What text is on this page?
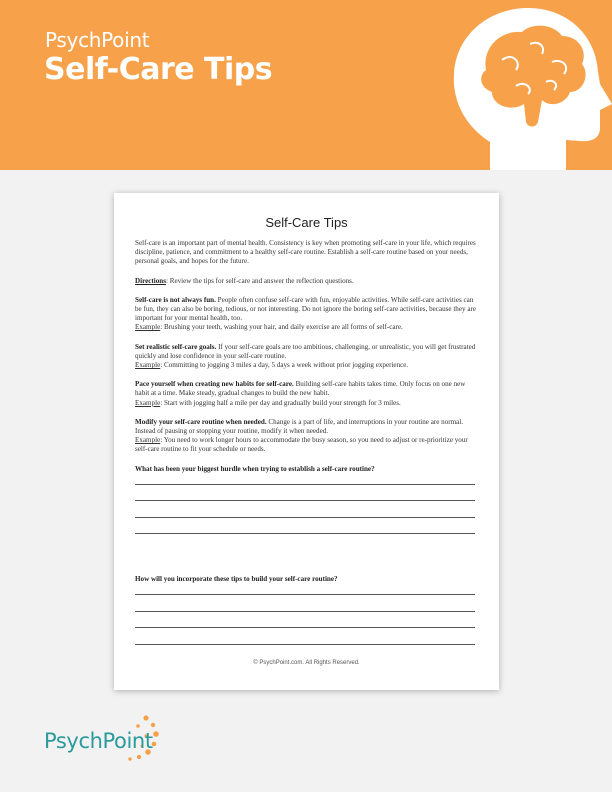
PsychPoint
Self-Care Tips
Self-Care Tips

Self-care is an important part of mental health. Consistency is key when promoting self-care in your life, which requires discipline, patience, and commitment to a healthy self-care routine. Establish a self-care routine based on your needs, personal goals, and hopes for the future.

Directions: Review the tips for self-care and answer the reflection questions.

Self-care is not always fun. People often confuse self-care with fun, enjoyable activities. While self-care activities can be fun, they can also be boring, tedious, or not interesting. Do not ignore the boring self-care activities, because they are important for your mental health, too.
Example: Brushing your teeth, washing your hair, and daily exercise are all forms of self-care.

Set realistic self-care goals. If your self-care goals are too ambitious, challenging, or unrealistic, you will get frustrated quickly and lose confidence in your self-care routine.
Example: Committing to jogging 3 miles a day, 5 days a week without prior jogging experience.

Pace yourself when creating new habits for self-care. Building self-care habits takes time. Only focus on one new habit at a time. Make steady, gradual changes to build the new habit.
Example: Start with jogging half a mile per day and gradually build your strength for 3 miles.

Modify your self-care routine when needed. Change is a part of life, and interruptions in your routine are normal. Instead of pausing or stopping your routine, modify it when needed.
Example: You need to work longer hours to accommodate the busy season, so you need to adjust or re-prioritize your self-care routine to fit your schedule or needs.

What has been your biggest hurdle when trying to establish a self-care routine?
How will you incorporate these tips to build your self-care routine?
© PsychPoint.com. All Rights Reserved.
PsychPoint
